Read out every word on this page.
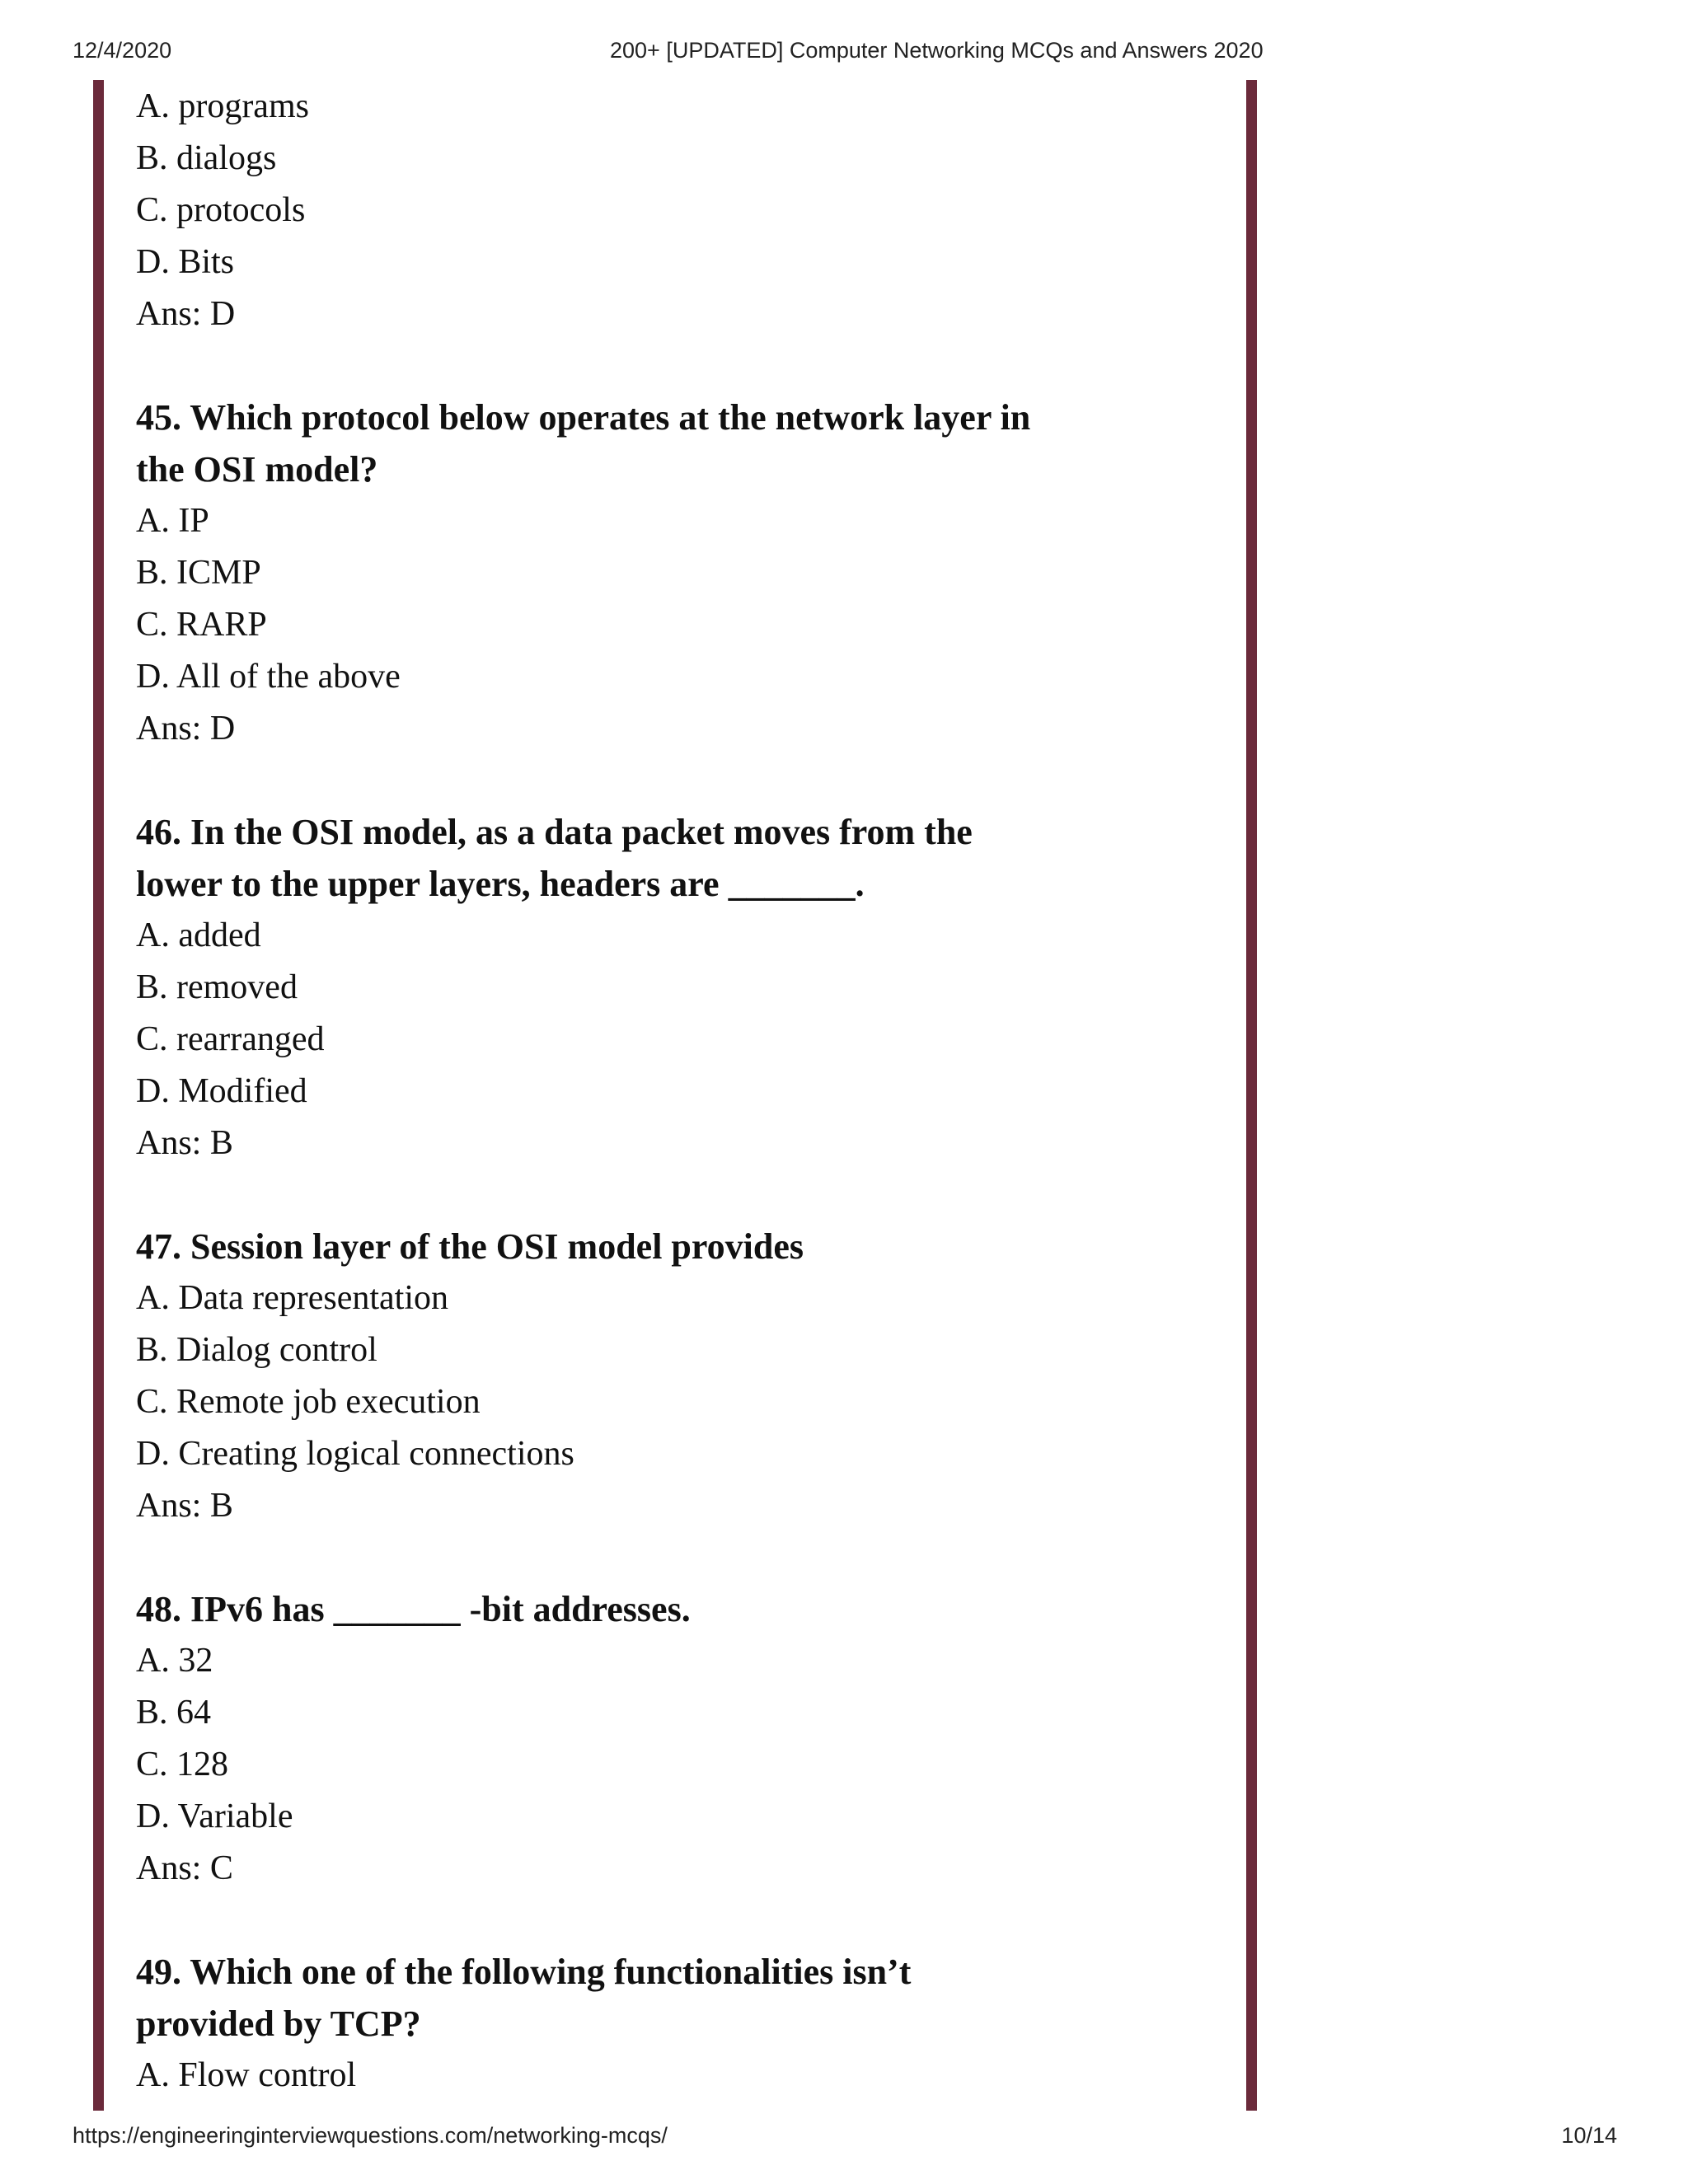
12/4/2020	200+ [UPDATED] Computer Networking MCQs and Answers 2020
A. programs
B. dialogs
C. protocols
D. Bits
Ans: D
45. Which protocol below operates at the network layer in
the OSI model?
A. IP
B. ICMP
C. RARP
D. All of the above
Ans: D
46. In the OSI model, as a data packet moves from the
lower to the upper layers, headers are _______.
A. added
B. removed
C. rearranged
D. Modified
Ans: B
47. Session layer of the OSI model provides
A. Data representation
B. Dialog control
C. Remote job execution
D. Creating logical connections
Ans: B
48. IPv6 has _______ -bit addresses.
A. 32
B. 64
C. 128
D. Variable
Ans: C
49. Which one of the following functionalities isn’t
provided by TCP?
A. Flow control
https://engineeringinterviewquestions.com/networking-mcqs/	10/14
